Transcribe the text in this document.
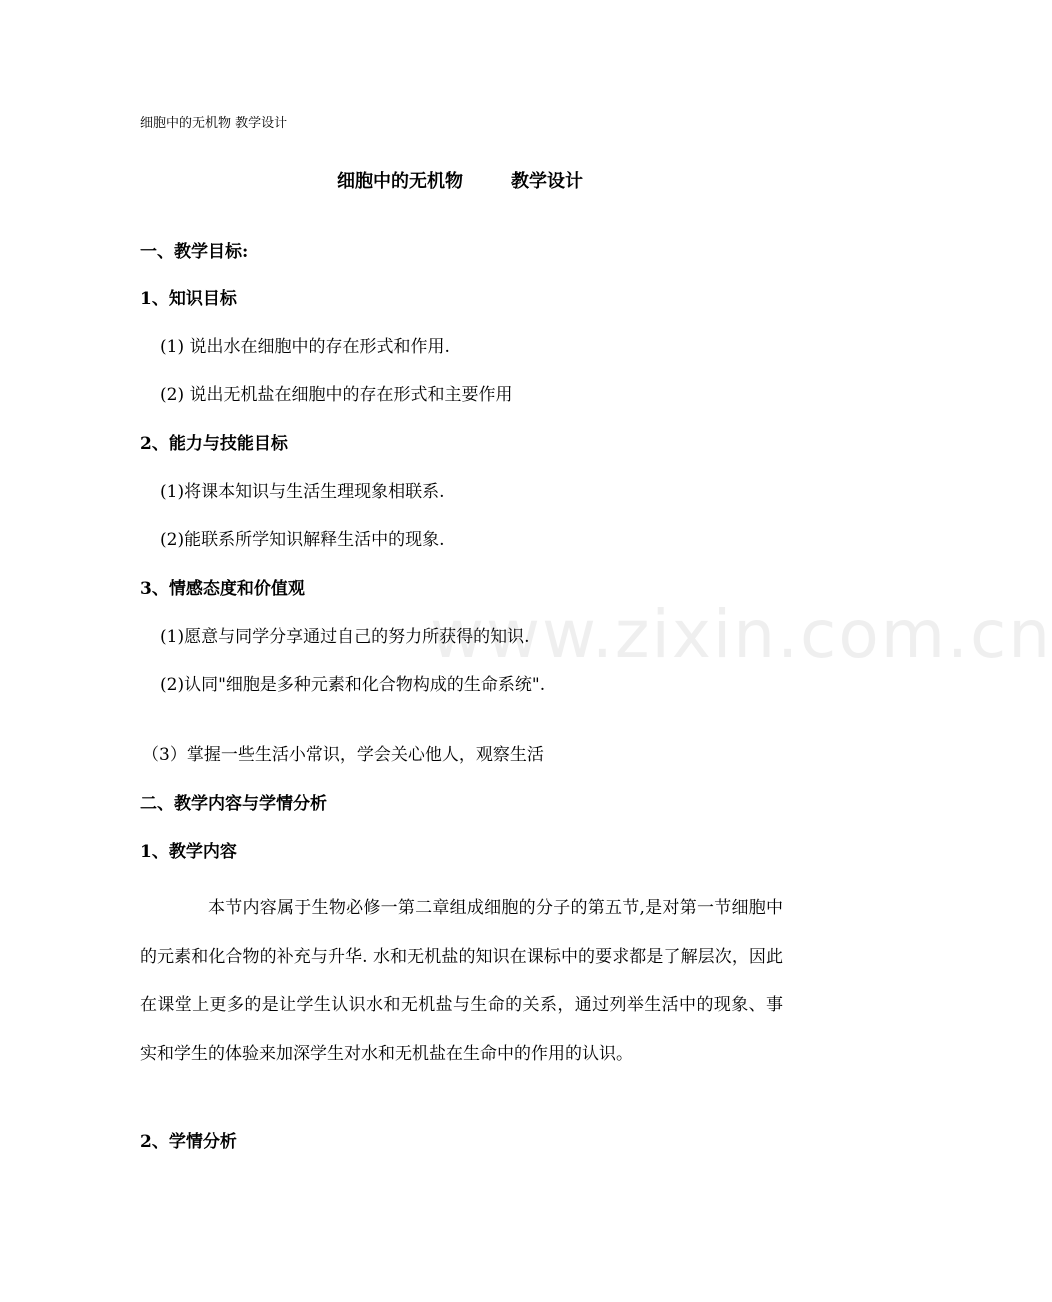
www.zixin.com.cn
细胞中的无机物 教学设计
细胞中的无机物	教学设计
一、教学目标:
1、知识目标
(1) 说出水在细胞中的存在形式和作用.
(2) 说出无机盐在细胞中的存在形式和主要作用
2、能力与技能目标
(1)将课本知识与生活生理现象相联系.
(2)能联系所学知识解释生活中的现象.
3、情感态度和价值观
(1)愿意与同学分享通过自己的努力所获得的知识.
(2)认同"细胞是多种元素和化合物构成的生命系统".
（3）掌握一些生活小常识，学会关心他人，观察生活
二、教学内容与学情分析
1、教学内容
本节内容属于生物必修一第二章组成细胞的分子的第五节,是对第一节细胞中的元素和化合物的补充与升华. 水和无机盐的知识在课标中的要求都是了解层次，因此在课堂上更多的是让学生认识水和无机盐与生命的关系，通过列举生活中的现象、事实和学生的体验来加深学生对水和无机盐在生命中的作用的认识。
2、学情分析
